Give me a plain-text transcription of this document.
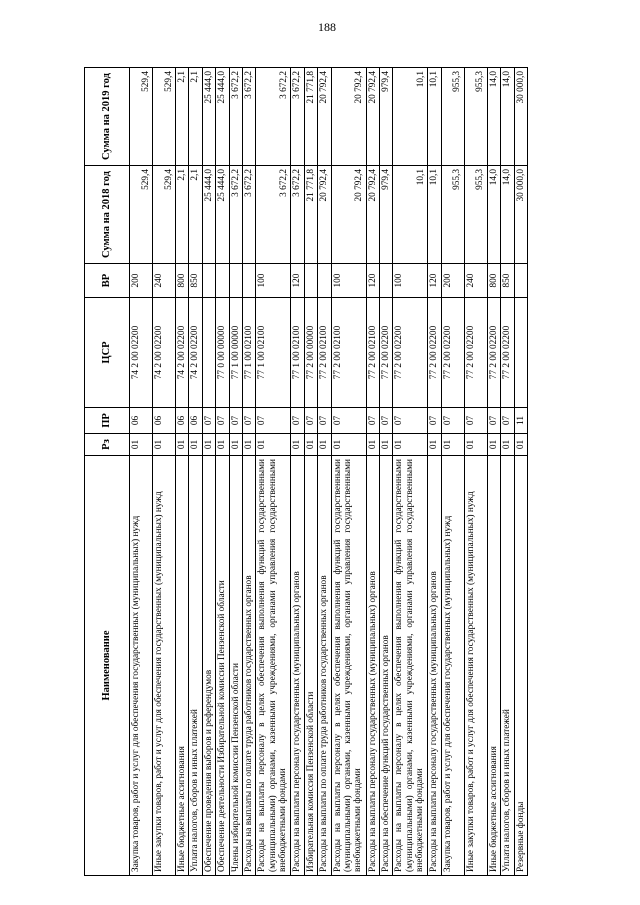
188
Наименование	Рз	ПР	ЦСР	ВР	Сумма на 2018 год	Сумма на 2019 год
Закупка товаров, работ и услуг для обеспечения государственных (муниципальных) нужд	01	06	74 2 00 02200	200	529,4	529,4
Иные закупки товаров, работ и услуг для обеспечения государственных (муниципальных) нужд	01	06	74 2 00 02200	240	529,4	529,4
Иные бюджетные ассигнования	01	06	74 2 00 02200	800	2,1	2,1
Уплата налогов, сборов и иных платежей	01	06	74 2 00 02200	850	2,1	2,1
Обеспечение проведения выборов и референдумов	01	07			25 444,0	25 444,0
Обеспечение деятельности Избирательной комиссии Пензенской области	01	07	77 0 00 00000		25 444,0	25 444,0
Члены избирательной комиссии Пензенской области	01	07	77 1 00 00000		3 672,2	3 672,2
Расходы на выплаты по оплате труда работников государственных органов	01	07	77 1 00 02100		3 672,2	3 672,2
Расходы на выплаты персоналу в целях обеспечения выполнения функций государственными (муниципальными) органами, казенными учреждениями, органами управления государственными внебюджетными фондами	01	07	77 1 00 02100	100	3 672,2	3 672,2
Расходы на выплаты персоналу государственных (муниципальных) органов	01	07	77 1 00 02100	120	3 672,2	3 672,2
Избирательная комиссия Пензенской области	01	07	77 2 00 00000		21 771,8	21 771,8
Расходы на выплаты по оплате труда работников государственных органов	01	07	77 2 00 02100		20 792,4	20 792,4
Расходы на выплаты персоналу в целях обеспечения выполнения функций государственными (муниципальными) органами, казенными учреждениями, органами управления государственными внебюджетными фондами	01	07	77 2 00 02100	100	20 792,4	20 792,4
Расходы на выплаты персоналу государственных (муниципальных) органов	01	07	77 2 00 02100	120	20 792,4	20 792,4
Расходы на обеспечение функций государственных органов	01	07	77 2 00 02200		979,4	979,4
Расходы на выплаты персоналу в целях обеспечения выполнения функций государственными (муниципальными) органами, казенными учреждениями, органами управления государственными внебюджетными фондами	01	07	77 2 00 02200	100	10,1	10,1
Расходы на выплаты персоналу государственных (муниципальных) органов	01	07	77 2 00 02200	120	10,1	10,1
Закупка товаров, работ и услуг для обеспечения государственных (муниципальных) нужд	01	07	77 2 00 02200	200	955,3	955,3
Иные закупки товаров, работ и услуг для обеспечения государственных (муниципальных) нужд	01	07	77 2 00 02200	240	955,3	955,3
Иные бюджетные ассигнования	01	07	77 2 00 02200	800	14,0	14,0
Уплата налогов, сборов и иных платежей	01	07	77 2 00 02200	850	14,0	14,0
Резервные фонды	01	11			30 000,0	30 000,0
